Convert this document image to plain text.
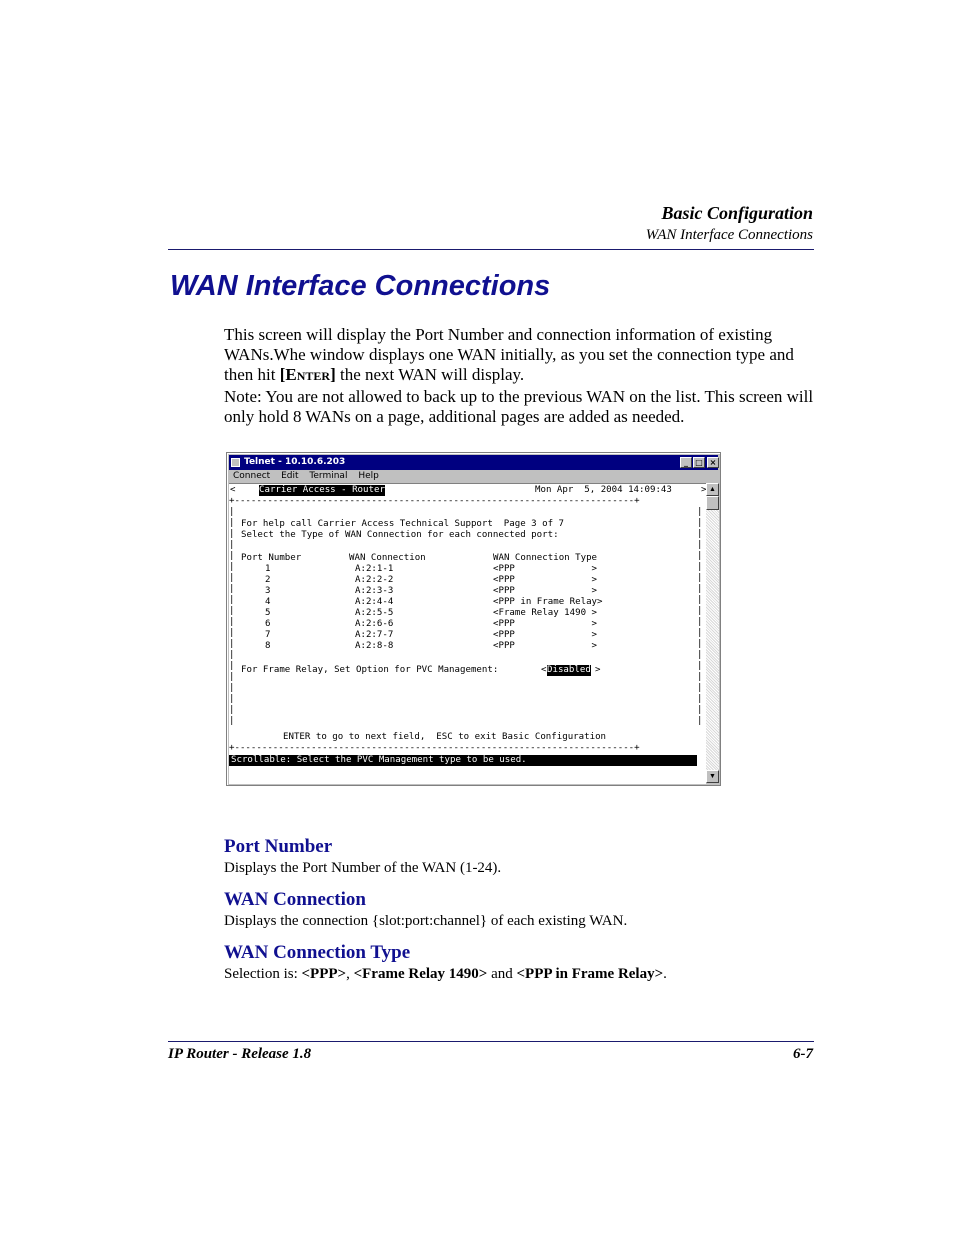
Basic Configuration
WAN Interface Connections
WAN Interface Connections

This screen will display the Port Number and connection information of existing WANs.Whe window displays one WAN initially, as you set the connection type and then hit [ENTER] the next WAN will display.

Note: You are not allowed to back up to the previous WAN on the list. This screen will only hold 8 WANs on a page, additional pages are added as needed.

Telnet - 10.10.6.203	_ □ ×
Connect Edit Terminal Help
<	Carrier Access - Router	Mon Apr  5, 2004 14:09:43	>
+-------------------------------------------------------------------------+
|
|
|
|
|
|
|
|
|
|
|
|
|
|
|
|
|
|
|
|

|
|
|
|
|
|
|
|
|
|
|
|
|
|
|
|
|
|
|
|

For help call Carrier Access Technical Support  Page 3 of 7
Select the Type of WAN Connection for each connected port:
Port Number	WAN Connection	WAN Connection Type
1	A:2:1-1	<PPP              >
2	A:2:2-2	<PPP              >
3	A:2:3-3	<PPP              >
4	A:2:4-4	<PPP in Frame Relay>
5	A:2:5-5	<Frame Relay 1490 >
6	A:2:6-6	<PPP              >
7	A:2:7-7	<PPP              >
8	A:2:8-8	<PPP              >
For Frame Relay, Set Option for PVC Management:	< Disabled >
ENTER to go to next field,  ESC to exit Basic Configuration
+-------------------------------------------------------------------------+
Scrollable: Select the PVC Management type to be used.
▲
▼
Port Number
Displays the Port Number of the WAN (1-24).
WAN Connection
Displays the connection {slot:port:channel} of each existing WAN.
WAN Connection Type
Selection is: <PPP>, <Frame Relay 1490> and <PPP in Frame Relay>.
IP Router - Release 1.8	6-7
